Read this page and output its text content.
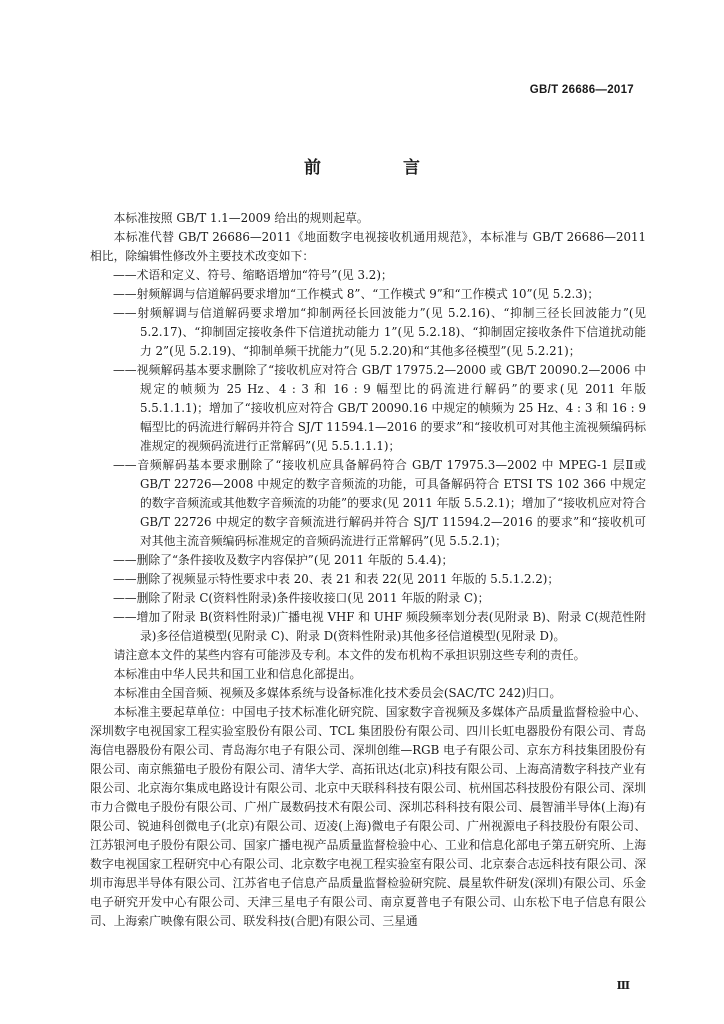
GB/T 26686—2017
前 言

本标准按照 GB/T 1.1—2009 给出的规则起草。

本标准代替 GB/T 26686—2011《地面数字电视接收机通用规范》，本标准与 GB/T 26686—2011 相比，除编辑性修改外主要技术改变如下：

——术语和定义、符号、缩略语增加“符号”(见 3.2)；

——射频解调与信道解码要求增加“工作模式 8”、“工作模式 9”和“工作模式 10”(见 5.2.3)；

——射频解调与信道解码要求增加“抑制两径长回波能力”(见 5.2.16)、“抑制三径长回波能力”(见 5.2.17)、“抑制固定接收条件下信道扰动能力 1”(见 5.2.18)、“抑制固定接收条件下信道扰动能力 2”(见 5.2.19)、“抑制单频干扰能力”(见 5.2.20)和“其他多径模型”(见 5.2.21)；

——视频解码基本要求删除了“接收机应对符合 GB/T 17975.2—2000 或 GB/T 20090.2—2006 中规定的帧频为 25 Hz、4 : 3 和 16 : 9 幅型比的码流进行解码”的要求(见 2011 年版 5.5.1.1.1)；增加了“接收机应对符合 GB/T 20090.16 中规定的帧频为 25 Hz、4 : 3 和 16 : 9 幅型比的码流进行解码并符合 SJ/T 11594.1—2016 的要求”和“接收机可对其他主流视频编码标准规定的视频码流进行正常解码”(见 5.5.1.1.1)；

——音频解码基本要求删除了“接收机应具备解码符合 GB/T 17975.3—2002 中 MPEG-1 层Ⅱ或 GB/T 22726—2008 中规定的数字音频流的功能，可具备解码符合 ETSI TS 102 366 中规定的数字音频流或其他数字音频流的功能”的要求(见 2011 年版 5.5.2.1)；增加了“接收机应对符合 GB/T 22726 中规定的数字音频流进行解码并符合 SJ/T 11594.2—2016 的要求”和“接收机可对其他主流音频编码标准规定的音频码流进行正常解码”(见 5.5.2.1)；

——删除了“条件接收及数字内容保护”(见 2011 年版的 5.4.4)；

——删除了视频显示特性要求中表 20、表 21 和表 22(见 2011 年版的 5.5.1.2.2)；

——删除了附录 C(资料性附录)条件接收接口(见 2011 年版的附录 C)；

——增加了附录 B(资料性附录)广播电视 VHF 和 UHF 频段频率划分表(见附录 B)、附录 C(规范性附录)多径信道模型(见附录 C)、附录 D(资料性附录)其他多径信道模型(见附录 D)。

请注意本文件的某些内容有可能涉及专利。本文件的发布机构不承担识别这些专利的责任。

本标准由中华人民共和国工业和信息化部提出。

本标准由全国音频、视频及多媒体系统与设备标准化技术委员会(SAC/TC 242)归口。

本标准主要起草单位：中国电子技术标准化研究院、国家数字音视频及多媒体产品质量监督检验中心、深圳数字电视国家工程实验室股份有限公司、TCL 集团股份有限公司、四川长虹电器股份有限公司、青岛海信电器股份有限公司、青岛海尔电子有限公司、深圳创维—RGB 电子有限公司、京东方科技集团股份有限公司、南京熊猫电子股份有限公司、清华大学、高拓讯达(北京)科技有限公司、上海高清数字科技产业有限公司、北京海尔集成电路设计有限公司、北京中天联科科技有限公司、杭州国芯科技股份有限公司、深圳市力合微电子股份有限公司、广州广晟数码技术有限公司、深圳芯科科技有限公司、晨智浦半导体(上海)有限公司、锐迪科创微电子(北京)有限公司、迈凌(上海)微电子有限公司、广州视源电子科技股份有限公司、江苏银河电子股份有限公司、国家广播电视产品质量监督检验中心、工业和信息化部电子第五研究所、上海数字电视国家工程研究中心有限公司、北京数字电视工程实验室有限公司、北京泰合志远科技有限公司、深圳市海思半导体有限公司、江苏省电子信息产品质量监督检验研究院、晨星软件研发(深圳)有限公司、乐金电子研究开发中心有限公司、天津三星电子有限公司、南京夏普电子有限公司、山东松下电子信息有限公司、上海索广映像有限公司、联发科技(合肥)有限公司、三星通

Ⅲ
